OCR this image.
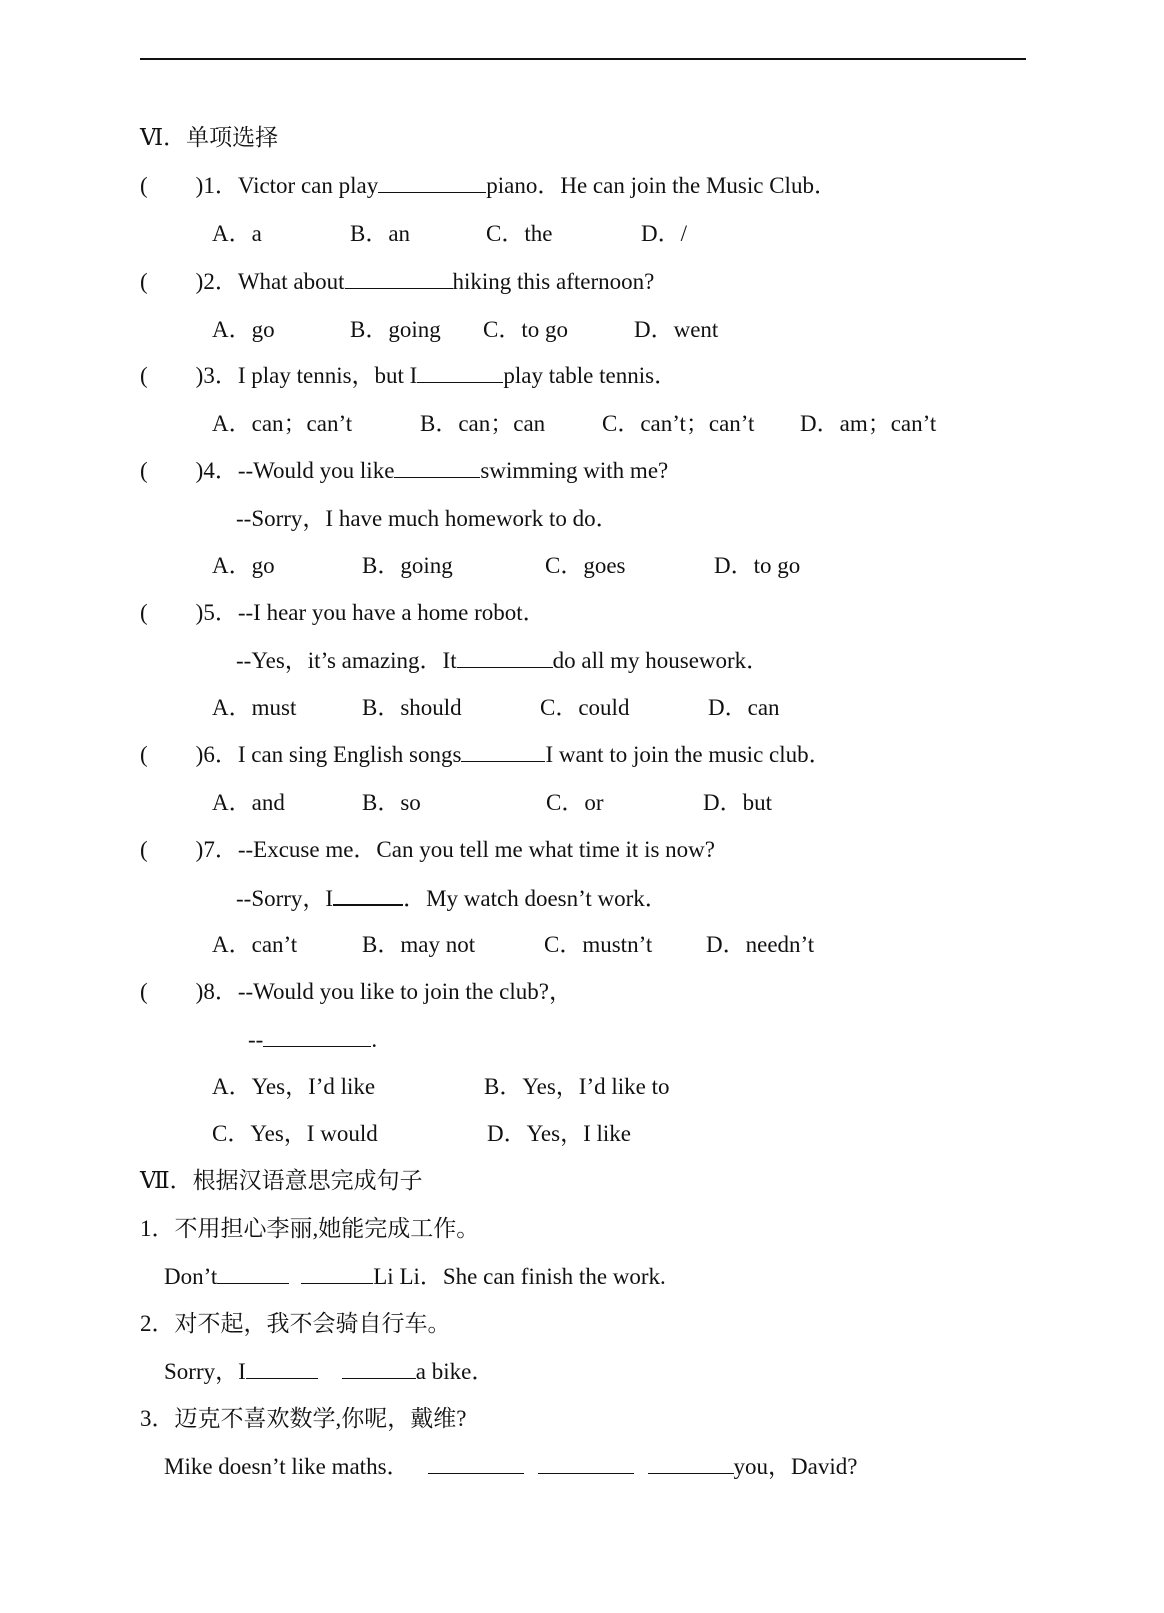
Ⅵ．单项选择
( )1．Victor can play	piano．He can join the Music Club．
A．a	B．an	C．the	D．/
( )2．What about	hiking this afternoon?
A．go	B．going C．to go	D．went
( )3．I play tennis，but I	play table tennis．
A．can；can’t	B．can；can C．can’t；can’t D．am；can’t
( )4．--Would you like	swimming with me?
--Sorry，I have much homework to do．
A．go	B．going	C．goes	D．to go
( )5．--I hear you have a home robot．
--Yes，it’s amazing．It	do all my housework．
A．must	B．should	C．could	D．can
( )6．I can sing English songs	I want to join the music club．
A．and	B．so	C．or	D．but
( )7．--Excuse me．Can you tell me what time it is now?
--Sorry，I	．My watch doesn’t work．
A．can’t	B．may not	C．mustn’t D．needn’t
( )8．--Would you like to join the club?，
--	.
A．Yes，I’d like	B．Yes，I’d like to
C．Yes，I would	D．Yes，I like
Ⅶ．根据汉语意思完成句子
1．不用担心李丽,她能完成工作。
Don’t	Li Li．She can finish the work.
2．对不起，我不会骑自行车。
Sorry，I	a bike．
3．迈克不喜欢数学,你呢，戴维?
Mike doesn’t like maths．	you，David?
